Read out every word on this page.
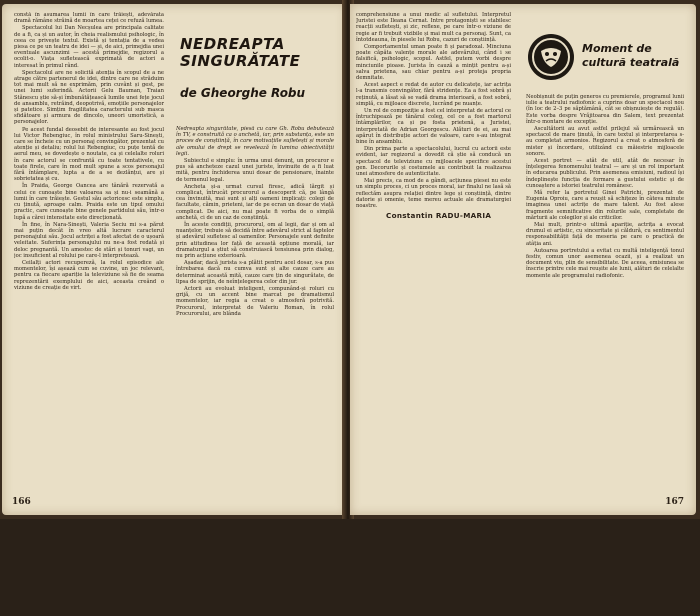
constă în asumarea lumii în care trăiești, adevărata dramă rămâne străină de moartea ceței ce refuză lumea.

Spectacolul lui Dan Necșulea are principala calitate de a fi, ca și un autor, în cheia realismului psihologic, în ceea ce privește textul. Există și tentația de a vedea piesa ce pe un teatru de idei — și, de aici, primejdia unei eventuale ascunzimi — acestă primejdie, regizorul a ocolit-o. Viața sufletească exprimată de actori a interesat în primul rând.

Spectacolul are ne solicită atenția în scopul de a ne atrage către partenerul de idei, dintre care ne străduim tot mai mult să ne exprimăm, prin cuvânt și gest, pe unei lumi suferindă. Actorii Gelu Bauman, Traian Stănescu știe să-și îmbunătățească lumile unei fețe jocul de ansamblu, retrăind, deopotrivă, emoțiile personajelor și patetice. Simțim fragilitatea caracterului sub masca sfidătoare și armura de dincolo, uneori umoristică, a personajelor.

Pe acest fundal deosebit de interesante au fost jocul lui Victor Rebengiuc, în rolul ministrului Saru-Sinești, care se încheie cu un personaj convingător, prezentat cu atenție și detaliu; rolul lui Rebengiuc, cu puțe tentă de aerul meu, se dovedește o noutate, ca și celelalte roluri în care actorul se confruntă cu toate tentativele, cu toate firele, care în mod mult spune a scos personajul fără întâmplare, lupta a de a se dezlănțui, are și sobrietatea și cu.

În Praida, George Oancea are tânără rezervată a celui ce cunoaște bine valoarea sa și nu-i seamănă a lumii în care trăiește. Gestul său actoricesc este simplu, cu ținută, aproape calm. Praida este un tipul omului practic, care cunoaște bine genele partidului său, într-o lupă a cărei intensitate este direcționată.

În fine, în Nara-Sinești, Valeria Seciu mi s-a părut mai puțin decât în vreo altă lucrare caracterul personajului său. Jocul actriței a fost afectat de o ușoară veleitate. Suferința personajului nu ne-a fost redată și deloc pregnantă. Un amestec de stări și tonuri vagi, un joc insuficient al rolului pe care-l interpretează.

Ceilalți actori recupereză, la rolul episodice ale momentelor, își așează cum se cuvine, un joc relevant, pentru ca fiecare apariție la televiziune să fie de seama reprezentării exemplului de aici, aceasta creând o viziune de creație de virt.

NEDREAPTA SINGURĂTATE
de Gheorghe Robu

Nedreapta singurătate, piesă cu care Gh. Robu debutează în TV, e construită ca o anchetă, iar, prin substanța, este un proces de conștiință, în care motivațiile sufletești și morale ale omului de drept se revelează în lumina obiectivității legii.

Subiectul e simplu: în urma unui denunț, un procuror e pus să ancheteze cazul unei juriste, învinuite de a fi luat mită, pentru închiderea unui dosar de pensionare, înainte de termenul legal.

Ancheta și-a urmat cursul firesc, adică lărgit și complicat, întrucât procurorul a descoperit că, pe lângă cea învinuită, mai sunt și alți oameni implicați: colegi de facultate, cămin, prieteni, iar de pe ecran un dosar de viață complicat. De aici, nu mai poate fi vorba de o simplă anchetă, ci de un caz de conștiință.

În aceste condiții, procurorul, om al legii, dar și om al nuanțelor, trebuie să decidă între adevărul strict al faptelor și adevărul sufletesc al oamenilor. Personajele sunt definite prin atitudinea lor față de această opțiune morală, iar dramaturgul a știut să construiască tensiunea prin dialog, nu prin acțiune exterioară.

Așadar, dacă jurista s-a plătit pentru acel dosar, s-a pus întrebarea dacă nu cumva sunt și alte cauze care au determinat această mită, cauze care țin de singurătate, de lipsa de sprijin, de neînțelegerea celor din jur.

Actorii au evoluat inteligent, compunând-și roluri cu grijă, cu un accent bine marcat pe dramatismul momentelor, iar regia a creat o atmosferă potrivită. Procurorul, interpretat de Valeriu Roman, în rolul Procurorului, are blânda

166

comprehensiune a unui medic al sufletului. Interpretul Juristei este Ileana Cernat. Intre protagoniști se stabilesc reacții sufletești, și zic, reflexe, pe care într-o viziune de regie ar fi trebuit vizibile și mai mult ca personaj. Sunt, ca întotdeauna, în piesele lui Robu, cazuri de conștiință.

Comportamentul uman poate fi și paradoxal. Minciuna poate căpăta valențe morale ale adevărului, când i se falsifică, psihologic, scopul. Astfel, putem vorbi despre minciunile pioase. Jurista în cauză a mințit pentru a-și salva prietena, sau chiar pentru a-și proteja propria demnitate.

Acest aspect e redat de autor cu delicatețe, iar actrița l-a transmis convingător, fără stridențe. Ea a fost sobră și reținută, a lăsat să se vadă drama interioară, a fost sobră, simplă, cu mijloace discrete, lucrând pe nuanțe.

Un rol de compoziție a fost cel interpretat de actorul ce întruchipează pe tânărul coleg, cel ce a fost martorul întâmplărilor, ca și pe fosta prietenă, a Juristei, interpretată de Adrian Georgescu. Alături de ei, au mai apărut în distribuție actori de valoare, care s-au integrat bine în ansamblu.

Din prima parte a spectacolului, lucrul cu actorii este evident, iar regizorul a dovedit că știe să conducă un spectacol de televiziune cu mijloacele specifice acestui gen. Decorurile și costumele au contribuit la realizarea unei atmosfere de autenticitate.

Mai precis, ca mod de a gândi, acțiunea piesei nu este un simplu proces, ci un proces moral, iar finalul ne lasă să reflectăm asupra relației dintre lege și conștiință, dintre datorie și omenie, teme mereu actuale ale dramaturgiei noastre.

Constantin RADU-MARIA
Moment de cultură teatrală

Neobișnuit de puțin generos cu premierele, programul lunii iulie a teatrului radiofonic a cuprins doar un spectacol nou (în loc de 2–3 pe săptămână, cât se obișnuiește de regulă). Este vorba despre Vrăjitoarea din Salem, text prezentat într-o montare de excepție.

Ascultătorii au avut astfel prilejul să urmărească un spectacol de mare ținută, în care textul și interpretarea s-au completat armonios. Regizorul a creat o atmosferă de mister și încordare, utilizând cu măiestrie mijloacele sonore.

Acest portret — atât de util, atât de necesar în înțelegerea fenomenului teatral — are și un rol important în educarea publicului. Prin asemenea emisiuni, radioul își îndeplinește funcția de formare a gustului estetic și de cunoaștere a istoriei teatrului românesc.

Mă refer la portretul Ginei Patrichi, prezentat de Eugenia Oproiu, care a reușit să schițeze în câteva minute imaginea unei actrițe de mare talent. Au fost alese fragmente semnificative din rolurile sale, completate de mărturii ale colegilor și ale criticilor.

Mai mult, printr-o ultimă apariție, actrița a evocat drumul ei artistic, cu sinceritate și căldură, cu sentimentul responsabilității față de meseria pe care o practică de atâția ani.

Autoarea portretului a evitat cu multă inteligență tonul festiv, comun unor asemenea ocazii, și a realizat un document viu, plin de sensibilitate. De aceea, emisiunea se înscrie printre cele mai reușite ale lunii, alături de celelalte momente ale programului radiofonic.

167
